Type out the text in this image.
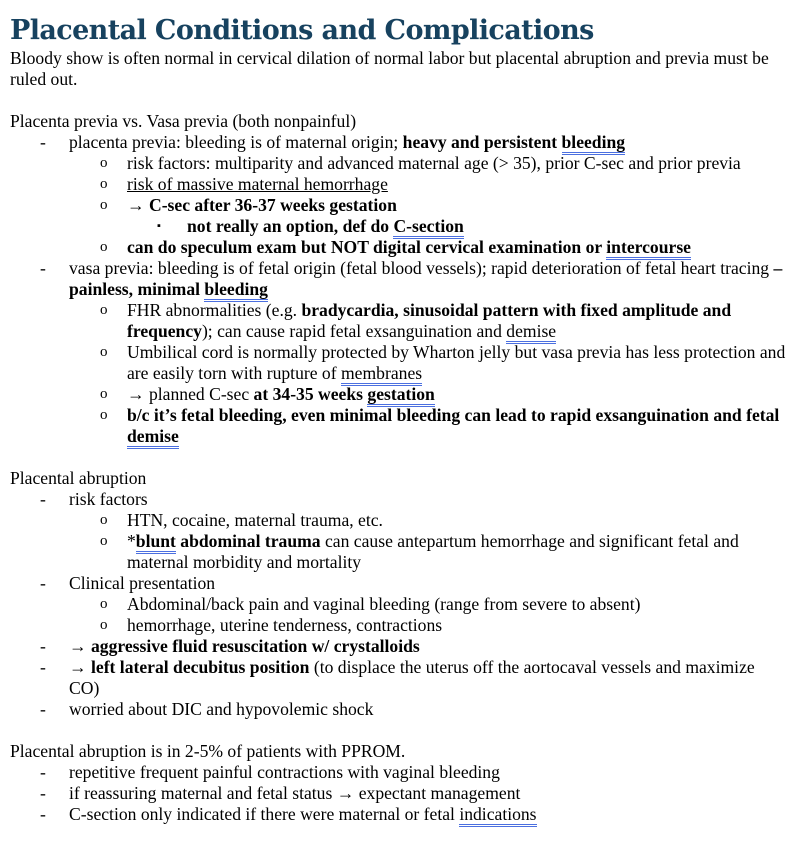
Placental Conditions and Complications
Bloody show is often normal in cervical dilation of normal labor but placental abruption and previa must be ruled out.
Placenta previa vs. Vasa previa (both nonpainful)
- placenta previa: bleeding is of maternal origin; heavy and persistent bleeding
o risk factors: multiparity and advanced maternal age (> 35), prior C-sec and prior previa
o risk of massive maternal hemorrhage
o → C-sec after 36-37 weeks gestation
▪ not really an option, def do C-section
o can do speculum exam but NOT digital cervical examination or intercourse
- vasa previa: bleeding is of fetal origin (fetal blood vessels); rapid deterioration of fetal heart tracing – painless, minimal bleeding
o FHR abnormalities (e.g. bradycardia, sinusoidal pattern with fixed amplitude and frequency); can cause rapid fetal exsanguination and demise
o Umbilical cord is normally protected by Wharton jelly but vasa previa has less protection and are easily torn with rupture of membranes
o → planned C-sec at 34-35 weeks gestation
o b/c it’s fetal bleeding, even minimal bleeding can lead to rapid exsanguination and fetal demise
Placental abruption
- risk factors
o HTN, cocaine, maternal trauma, etc.
o *blunt abdominal trauma can cause antepartum hemorrhage and significant fetal and maternal morbidity and mortality
- Clinical presentation
o Abdominal/back pain and vaginal bleeding (range from severe to absent)
o hemorrhage, uterine tenderness, contractions
- → aggressive fluid resuscitation w/ crystalloids
- → left lateral decubitus position (to displace the uterus off the aortocaval vessels and maximize CO)
- worried about DIC and hypovolemic shock
Placental abruption is in 2-5% of patients with PPROM.
- repetitive frequent painful contractions with vaginal bleeding
- if reassuring maternal and fetal status → expectant management
- C-section only indicated if there were maternal or fetal indications
